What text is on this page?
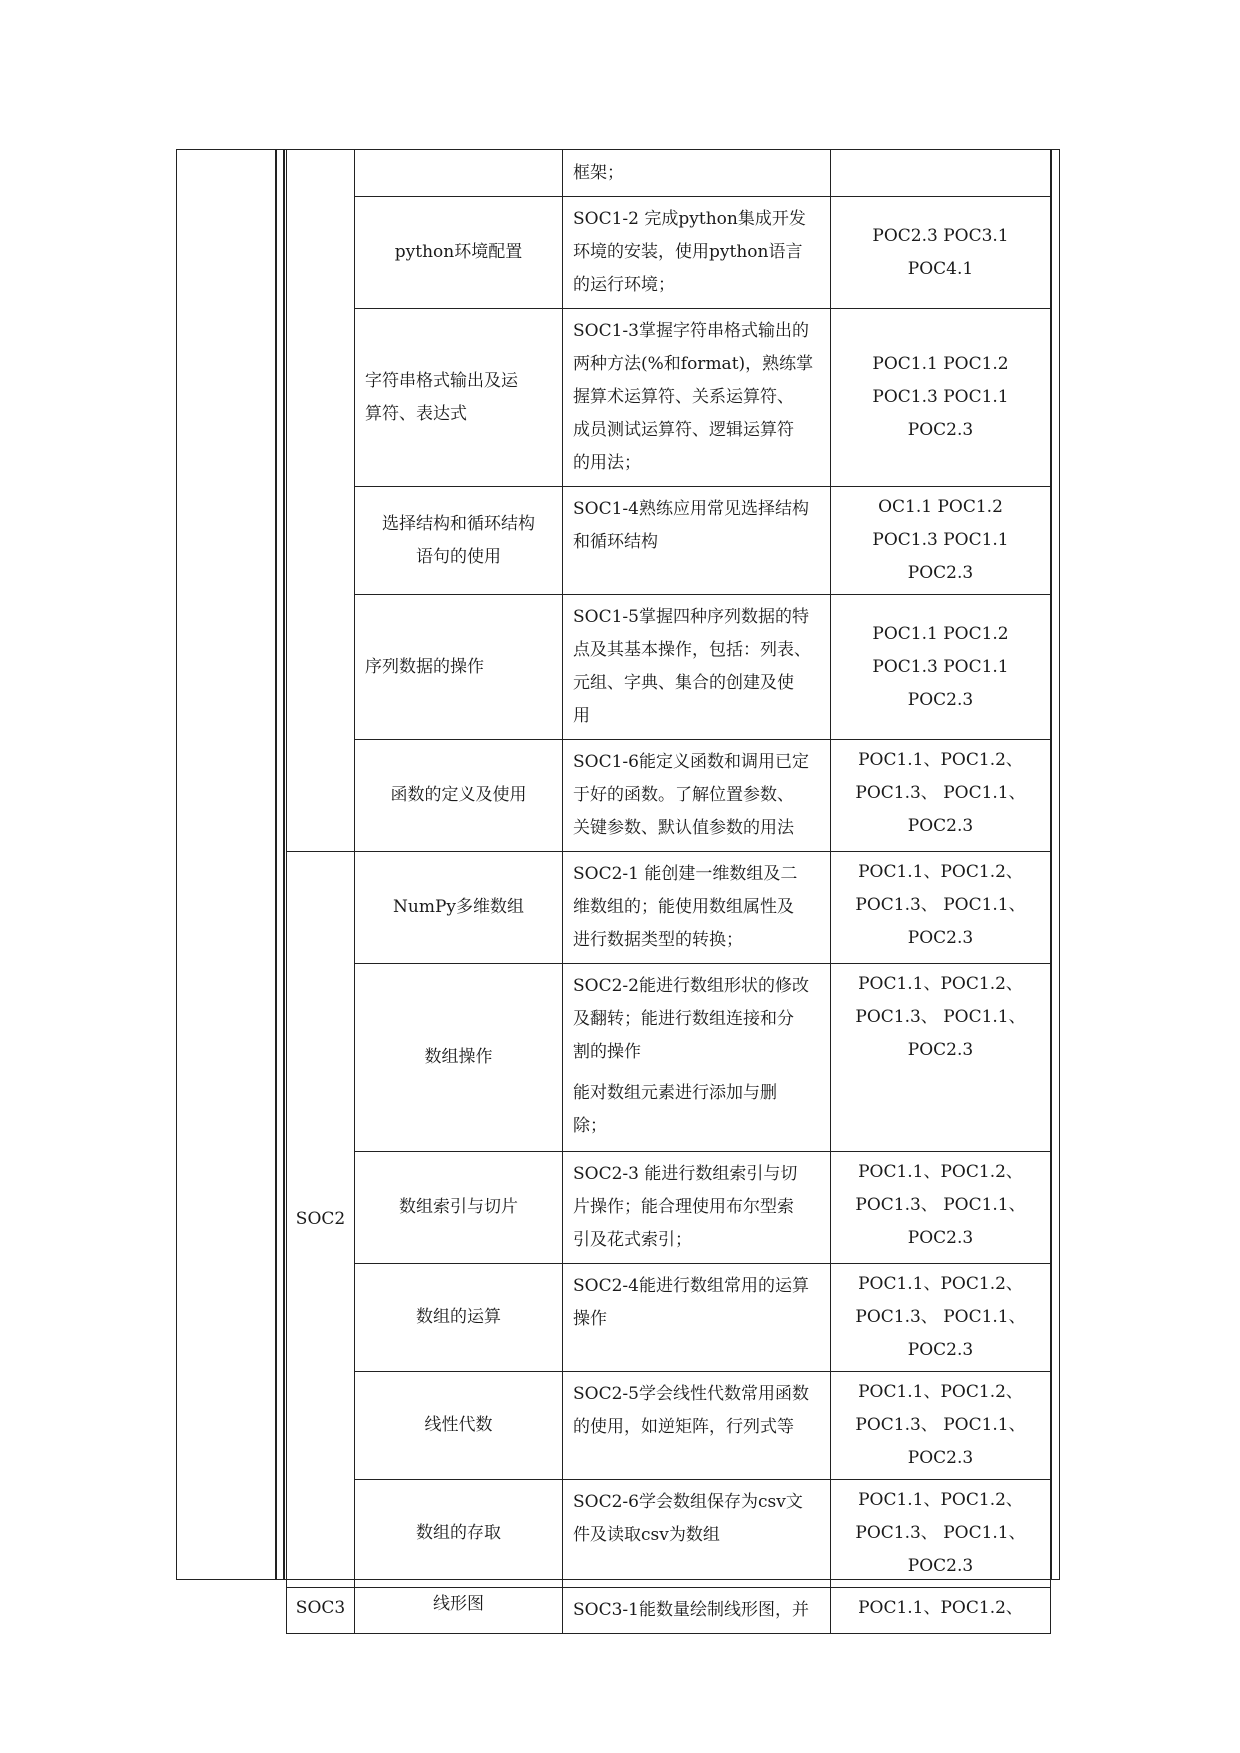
		框架；	
	python环境配置	SOC1-2 完成python集成开发
环境的安装，使用python语言
的运行环境；	POC2.3 POC3.1
POC4.1
	字符串格式输出及运
算符、表达式	SOC1-3掌握字符串格式输出的
两种方法(%和format)，熟练掌
握算术运算符、关系运算符、
成员测试运算符、逻辑运算符
的用法；	POC1.1 POC1.2
POC1.3 POC1.1
POC2.3
	选择结构和循环结构
语句的使用	SOC1-4熟练应用常见选择结构
和循环结构	OC1.1 POC1.2
POC1.3 POC1.1
POC2.3
	序列数据的操作	SOC1-5掌握四种序列数据的特
点及其基本操作，包括：列表、
元组、字典、集合的创建及使
用	POC1.1 POC1.2
POC1.3 POC1.1
POC2.3
	函数的定义及使用	SOC1-6能定义函数和调用已定
于好的函数。了解位置参数、
关键参数、默认值参数的用法	POC1.1、POC1.2、
POC1.3、 POC1.1、
POC2.3
SOC2	NumPy多维数组	SOC2-1 能创建一维数组及二
维数组的；能使用数组属性及
进行数据类型的转换；	POC1.1、POC1.2、
POC1.3、 POC1.1、
POC2.3
	数组操作	SOC2-2能进行数组形状的修改
及翻转；能进行数组连接和分
割的操作
能对数组元素进行添加与删
除；	POC1.1、POC1.2、
POC1.3、 POC1.1、
POC2.3
	数组索引与切片	SOC2-3 能进行数组索引与切
片操作；能合理使用布尔型索
引及花式索引；	POC1.1、POC1.2、
POC1.3、 POC1.1、
POC2.3
	数组的运算	SOC2-4能进行数组常用的运算
操作	POC1.1、POC1.2、
POC1.3、 POC1.1、
POC2.3
	线性代数	SOC2-5学会线性代数常用函数
的使用，如逆矩阵，行列式等	POC1.1、POC1.2、
POC1.3、 POC1.1、
POC2.3
	数组的存取	SOC2-6学会数组保存为csv文
件及读取csv为数组	POC1.1、POC1.2、
POC1.3、 POC1.1、
POC2.3
SOC3	线形图	SOC3-1能数量绘制线形图，并	POC1.1、POC1.2、
